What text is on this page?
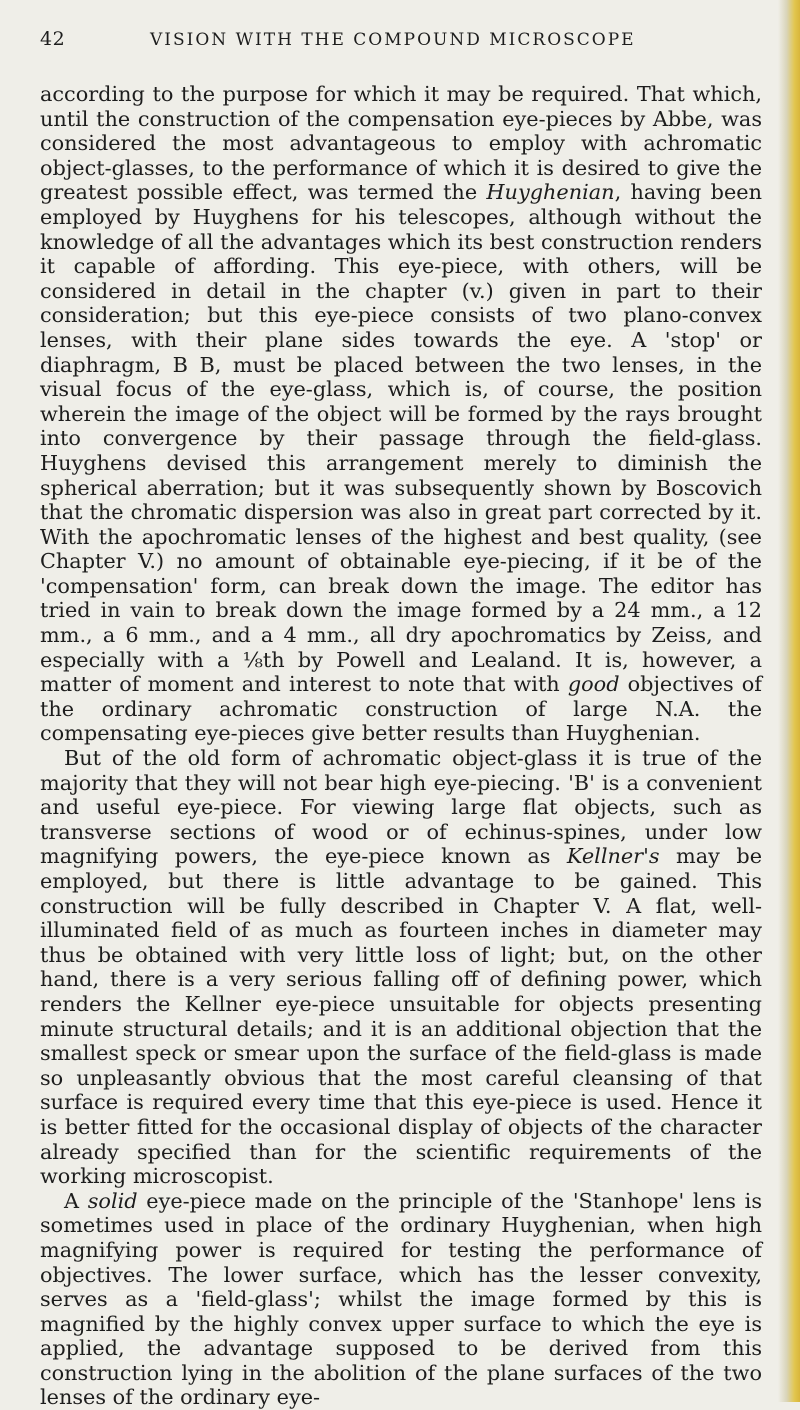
42	VISION WITH THE COMPOUND MICROSCOPE

according to the purpose for which it may be required. That which, until the construction of the compensation eye-pieces by Abbe, was considered the most advantageous to employ with achromatic object-glasses, to the performance of which it is desired to give the greatest possible effect, was termed the Huyghenian, having been employed by Huyghens for his telescopes, although without the knowledge of all the advantages which its best construction renders it capable of affording. This eye-piece, with others, will be considered in detail in the chapter (v.) given in part to their consideration; but this eye-piece consists of two plano-convex lenses, with their plane sides towards the eye. A 'stop' or diaphragm, B B, must be placed between the two lenses, in the visual focus of the eye-glass, which is, of course, the position wherein the image of the object will be formed by the rays brought into convergence by their passage through the field-glass. Huyghens devised this arrangement merely to diminish the spherical aberration; but it was subsequently shown by Boscovich that the chromatic dispersion was also in great part corrected by it. With the apochromatic lenses of the highest and best quality, (see Chapter V.) no amount of obtainable eye-piecing, if it be of the 'compensation' form, can break down the image. The editor has tried in vain to break down the image formed by a 24 mm., a 12 mm., a 6 mm., and a 4 mm., all dry apochromatics by Zeiss, and especially with a ⅛th by Powell and Lealand. It is, however, a matter of moment and interest to note that with good objectives of the ordinary achromatic construction of large N.A. the compensating eye-pieces give better results than Huyghenian.

But of the old form of achromatic object-glass it is true of the majority that they will not bear high eye-piecing. 'B' is a convenient and useful eye-piece. For viewing large flat objects, such as transverse sections of wood or of echinus-spines, under low magnifying powers, the eye-piece known as Kellner's may be employed, but there is little advantage to be gained. This construction will be fully described in Chapter V. A flat, well-illuminated field of as much as fourteen inches in diameter may thus be obtained with very little loss of light; but, on the other hand, there is a very serious falling off of defining power, which renders the Kellner eye-piece unsuitable for objects presenting minute structural details; and it is an additional objection that the smallest speck or smear upon the surface of the field-glass is made so unpleasantly obvious that the most careful cleansing of that surface is required every time that this eye-piece is used. Hence it is better fitted for the occasional display of objects of the character already specified than for the scientific requirements of the working microscopist.

A solid eye-piece made on the principle of the 'Stanhope' lens is sometimes used in place of the ordinary Huyghenian, when high magnifying power is required for testing the performance of objectives. The lower surface, which has the lesser convexity, serves as a 'field-glass'; whilst the image formed by this is magnified by the highly convex upper surface to which the eye is applied, the advantage supposed to be derived from this construction lying in the abolition of the plane surfaces of the two lenses of the ordinary eye-
